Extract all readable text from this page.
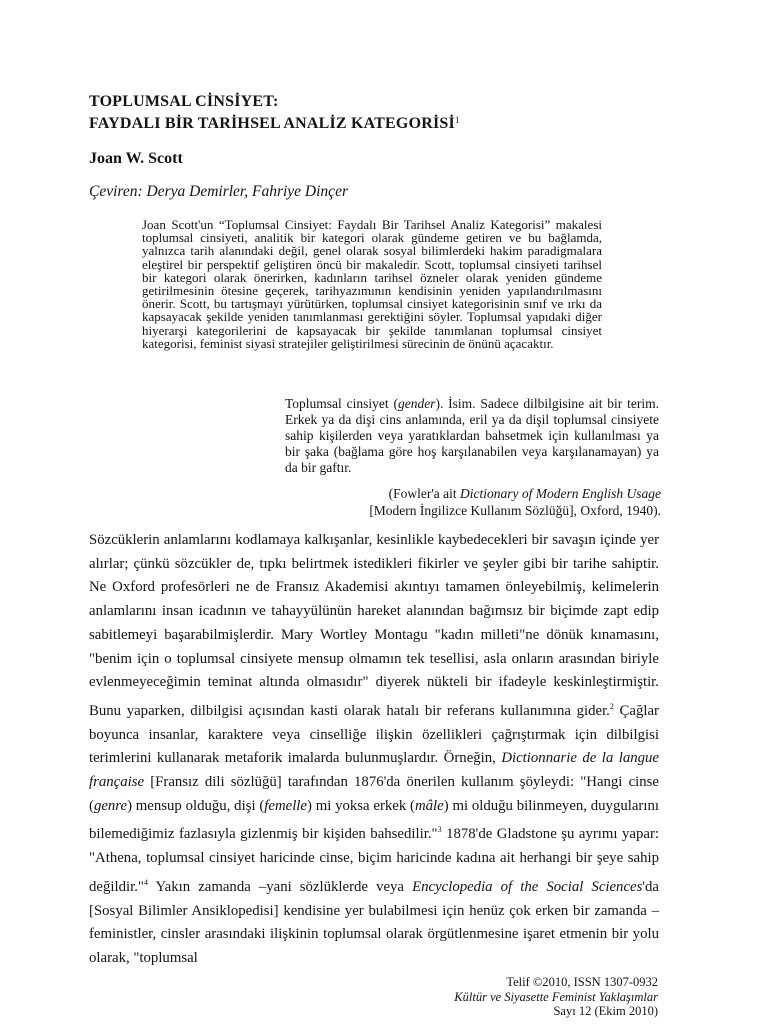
TOPLUMSAL CİNSİYET:
FAYDALI BİR TARİHSEL ANALİZ KATEGORİSİ$^1$
Joan W. Scott
Çeviren: Derya Demirler, Fahriye Dinçer
Joan Scott'un “Toplumsal Cinsiyet: Faydalı Bir Tarihsel Analiz Kategorisi” makalesi toplumsal cinsiyeti, analitik bir kategori olarak gündeme getiren ve bu bağlamda, yalnızca tarih alanındaki değil, genel olarak sosyal bilimlerdeki hakim paradigmalara eleştirel bir perspektif geliştiren öncü bir makaledir. Scott, toplumsal cinsiyeti tarihsel bir kategori olarak önerirken, kadınların tarihsel özneler olarak yeniden gündeme getirilmesinin ötesine geçerek, tarihyazımının kendisinin yeniden yapılandırılmasını önerir. Scott, bu tartışmayı yürütürken, toplumsal cinsiyet kategorisinin sınıf ve ırkı da kapsayacak şekilde yeniden tanımlanması gerektiğini söyler. Toplumsal yapıdaki diğer hiyerarşi kategorilerini de kapsayacak bir şekilde tanımlanan toplumsal cinsiyet kategorisi, feminist siyasi stratejiler geliştirilmesi sürecinin de önünü açacaktır.
Toplumsal cinsiyet (gender). İsim. Sadece dilbilgisine ait bir terim. Erkek ya da dişi cins anlamında, eril ya da dişil toplumsal cinsiyete sahip kişilerden veya yaratıklardan bahsetmek için kullanılması ya bir şaka (bağlama göre hoş karşılanabilen veya karşılanamayan) ya da bir gaftır.
(Fowler'a ait Dictionary of Modern English Usage
[Modern İngilizce Kullanım Sözlüğü], Oxford, 1940).

Sözcüklerin anlamlarını kodlamaya kalkışanlar, kesinlikle kaybedecekleri bir savaşın içinde yer alırlar; çünkü sözcükler de, tıpkı belirtmek istedikleri fikirler ve şeyler gibi bir tarihe sahiptir. Ne Oxford profesörleri ne de Fransız Akademisi akıntıyı tamamen önleyebilmiş, kelimelerin anlamlarını insan icadının ve tahayyülünün hareket alanından bağımsız bir biçimde zapt edip sabitlemeyi başarabilmişlerdir. Mary Wortley Montagu "kadın milleti"ne dönük kınamasını, "benim için o toplumsal cinsiyete mensup olmamın tek tesellisi, asla onların arasından biriyle evlenmeyeceğimin teminat altında olmasıdır" diyerek nükteli bir ifadeyle keskinleştirmiştir. Bunu yaparken, dilbilgisi açısından kasti olarak hatalı bir referans kullanımına gider.$^2$ Çağlar boyunca insanlar, karaktere veya cinselliğe ilişkin özellikleri çağrıştırmak için dilbilgisi terimlerini kullanarak metaforik imalarda bulunmuşlardır. Örneğin, Dictionnarie de la langue française [Fransız dili sözlüğü] tarafından 1876'da önerilen kullanım şöyleydi: "Hangi cinse (genre) mensup olduğu, dişi (femelle) mi yoksa erkek (mâle) mi olduğu bilinmeyen, duygularını bilemediğimiz fazlasıyla gizlenmiş bir kişiden bahsedilir."$^3$ 1878'de Gladstone şu ayrımı yapar: "Athena, toplumsal cinsiyet haricinde cinse, biçim haricinde kadına ait herhangi bir şeye sahip değildir."$^4$ Yakın zamanda –yani sözlüklerde veya Encyclopedia of the Social Sciences'da [Sosyal Bilimler Ansiklopedisi] kendisine yer bulabilmesi için henüz çok erken bir zamanda –feministler, cinsler arasındaki ilişkinin toplumsal olarak örgütlenmesine işaret etmenin bir yolu olarak, "toplumsal

Telif ©2010, ISSN 1307-0932
Kültür ve Siyasette Feminist Yaklaşımlar
Sayı 12 (Ekim 2010)
